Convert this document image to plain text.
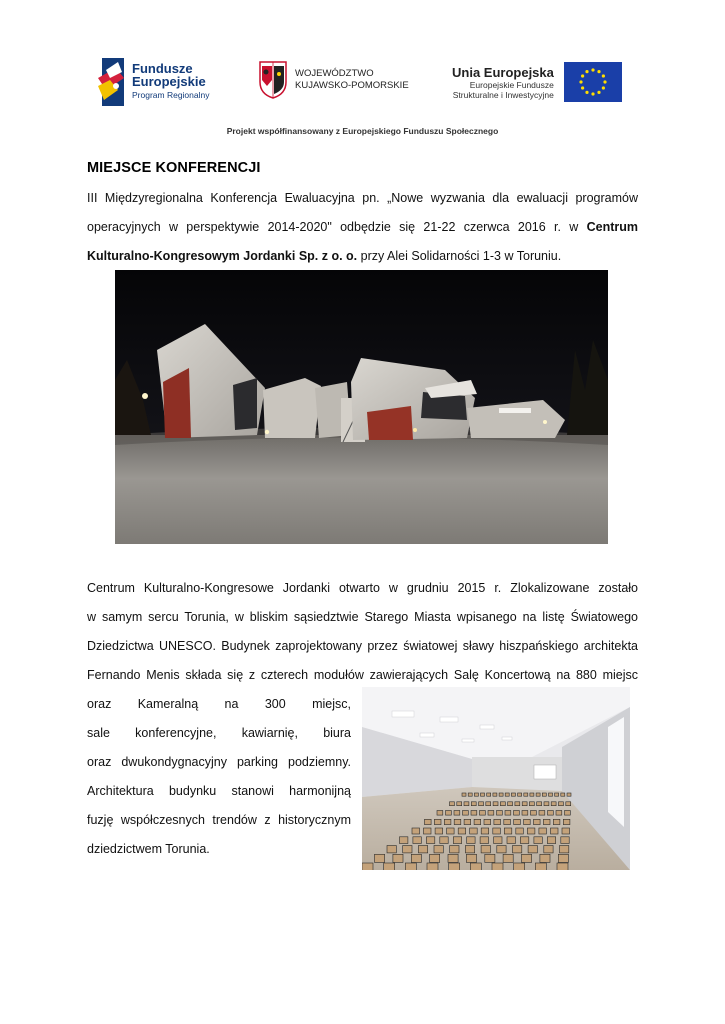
Fundusze
Europejskie
Program Regionalny
WOJEWÓDZTWO
KUJAWSKO-POMORSKIE
Unia Europejska
Europejskie Fundusze
Strukturalne i Inwestycyjne
Projekt współfinansowany z Europejskiego Funduszu Społecznego
MIEJSCE KONFERENCJI
III Międzyregionalna Konferencja Ewaluacyjna pn. „Nowe wyzwania dla ewaluacji programów
operacyjnych w perspektywie 2014-2020" odbędzie się 21-22 czerwca 2016 r. w Centrum
Kulturalno-Kongresowym Jordanki Sp. z o. o. przy Alei Solidarności 1-3 w Toruniu.
Centrum Kulturalno-Kongresowe Jordanki otwarto w grudniu 2015 r. Zlokalizowane zostało
w samym sercu Torunia, w bliskim sąsiedztwie Starego Miasta wpisanego na listę Światowego
Dziedzictwa UNESCO. Budynek zaprojektowany przez światowej sławy hiszpańskiego architekta
Fernando Menis składa się z czterech modułów zawierających Salę Koncertową na 880 miejsc
oraz Kameralną na 300 miejsc,
sale konferencyjne, kawiarnię, biura
oraz dwukondygnacyjny parking podziemny.
Architektura budynku stanowi harmonijną
fuzję współczesnych trendów z historycznym
dziedzictwem Torunia.
